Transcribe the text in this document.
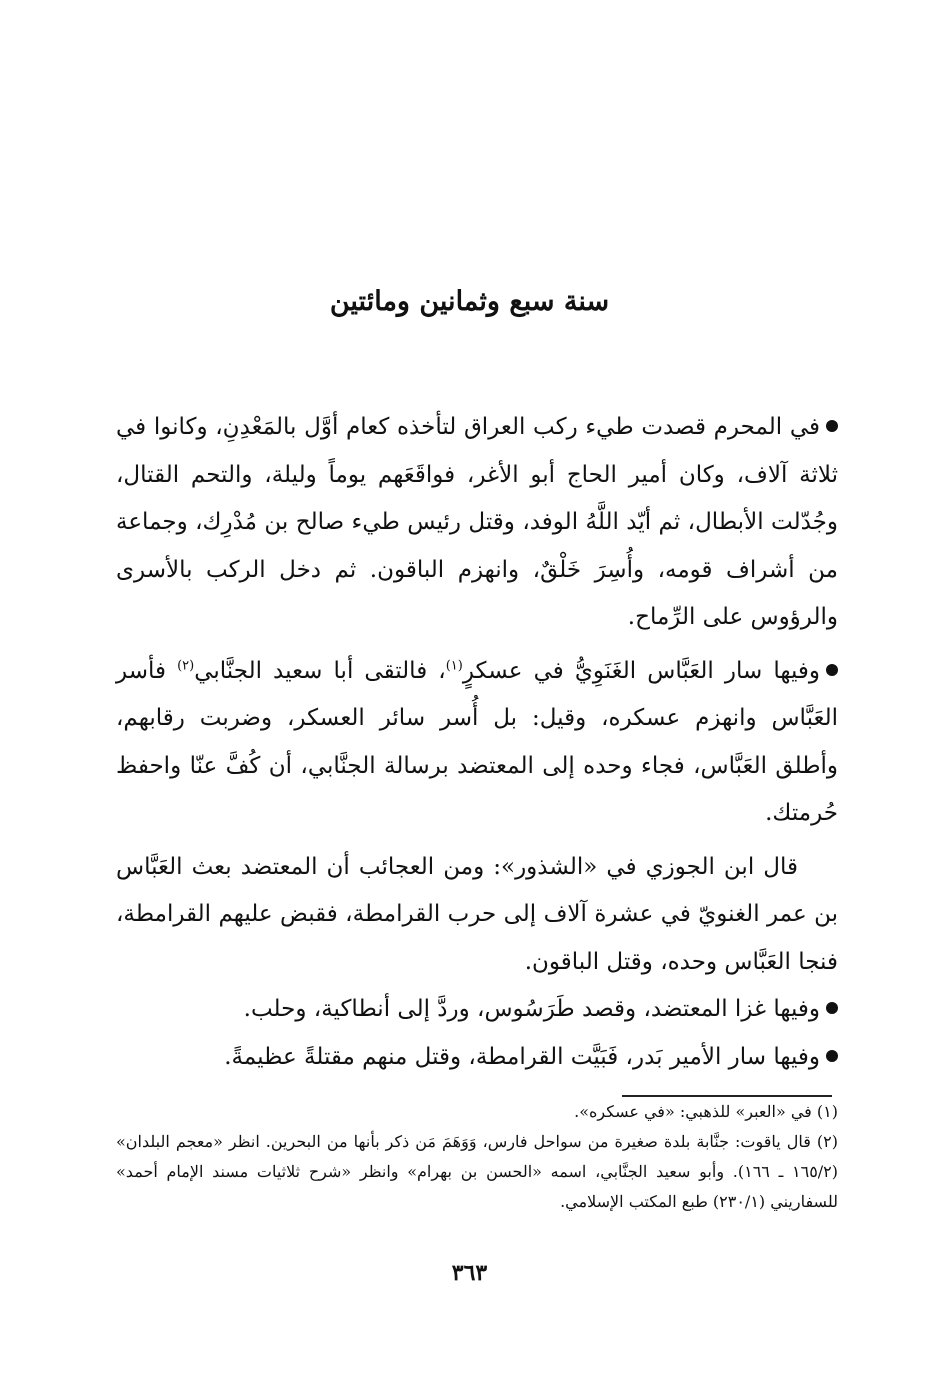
سنة سبع وثمانين ومائتين

في المحرم قصدت طيء ركب العراق لتأخذه كعام أوَّل بالمَعْدِنِ، وكانوا في ثلاثة آلاف، وكان أمير الحاج أبو الأغر، فواقَعَهم يوماً وليلة، والتحم القتال، وجُدّلت الأبطال، ثم أيّد اللَّهُ الوفد، وقتل رئيس طيء صالح بن مُدْرِك، وجماعة من أشراف قومه، وأُسِرَ خَلْقٌ، وانهزم الباقون. ثم دخل الركب بالأسرى والرؤوس على الرِّماح.

وفيها سار العَبَّاس الغَنَوِيُّ في عسكرٍ$^{(١)}$، فالتقى أبا سعيد الجنَّابي$^{(٢)}$ فأسر العَبَّاس وانهزم عسكره، وقيل: بل أُسر سائر العسكر، وضربت رقابهم، وأطلق العَبَّاس، فجاء وحده إلى المعتضد برسالة الجنَّابي، أن كُفَّ عنّا واحفظ حُرمتك.

قال ابن الجوزي في «الشذور»: ومن العجائب أن المعتضد بعث العَبَّاس بن عمر الغنويّ في عشرة آلاف إلى حرب القرامطة، فقبض عليهم القرامطة، فنجا العَبَّاس وحده، وقتل الباقون.

وفيها غزا المعتضد، وقصد طَرَسُوس، وردَّ إلى أنطاكية، وحلب.

وفيها سار الأمير بَدر، فَبَيَّت القرامطة، وقتل منهم مقتلةً عظيمةً.

(١) في «العبر» للذهبي: «في عسكره».

(٢) قال ياقوت: جنَّابة بلدة صغيرة من سواحل فارس، وَوَهَمَ مَن ذكر بأنها من البحرين. انظر «معجم البلدان» (١٦٥/٢ ـ ١٦٦). وأبو سعيد الجنَّابي، اسمه «الحسن بن بهرام» وانظر «شرح ثلاثيات مسند الإمام أحمد» للسفاريني (٢٣٠/١) طبع المكتب الإسلامي.

٣٦٣
